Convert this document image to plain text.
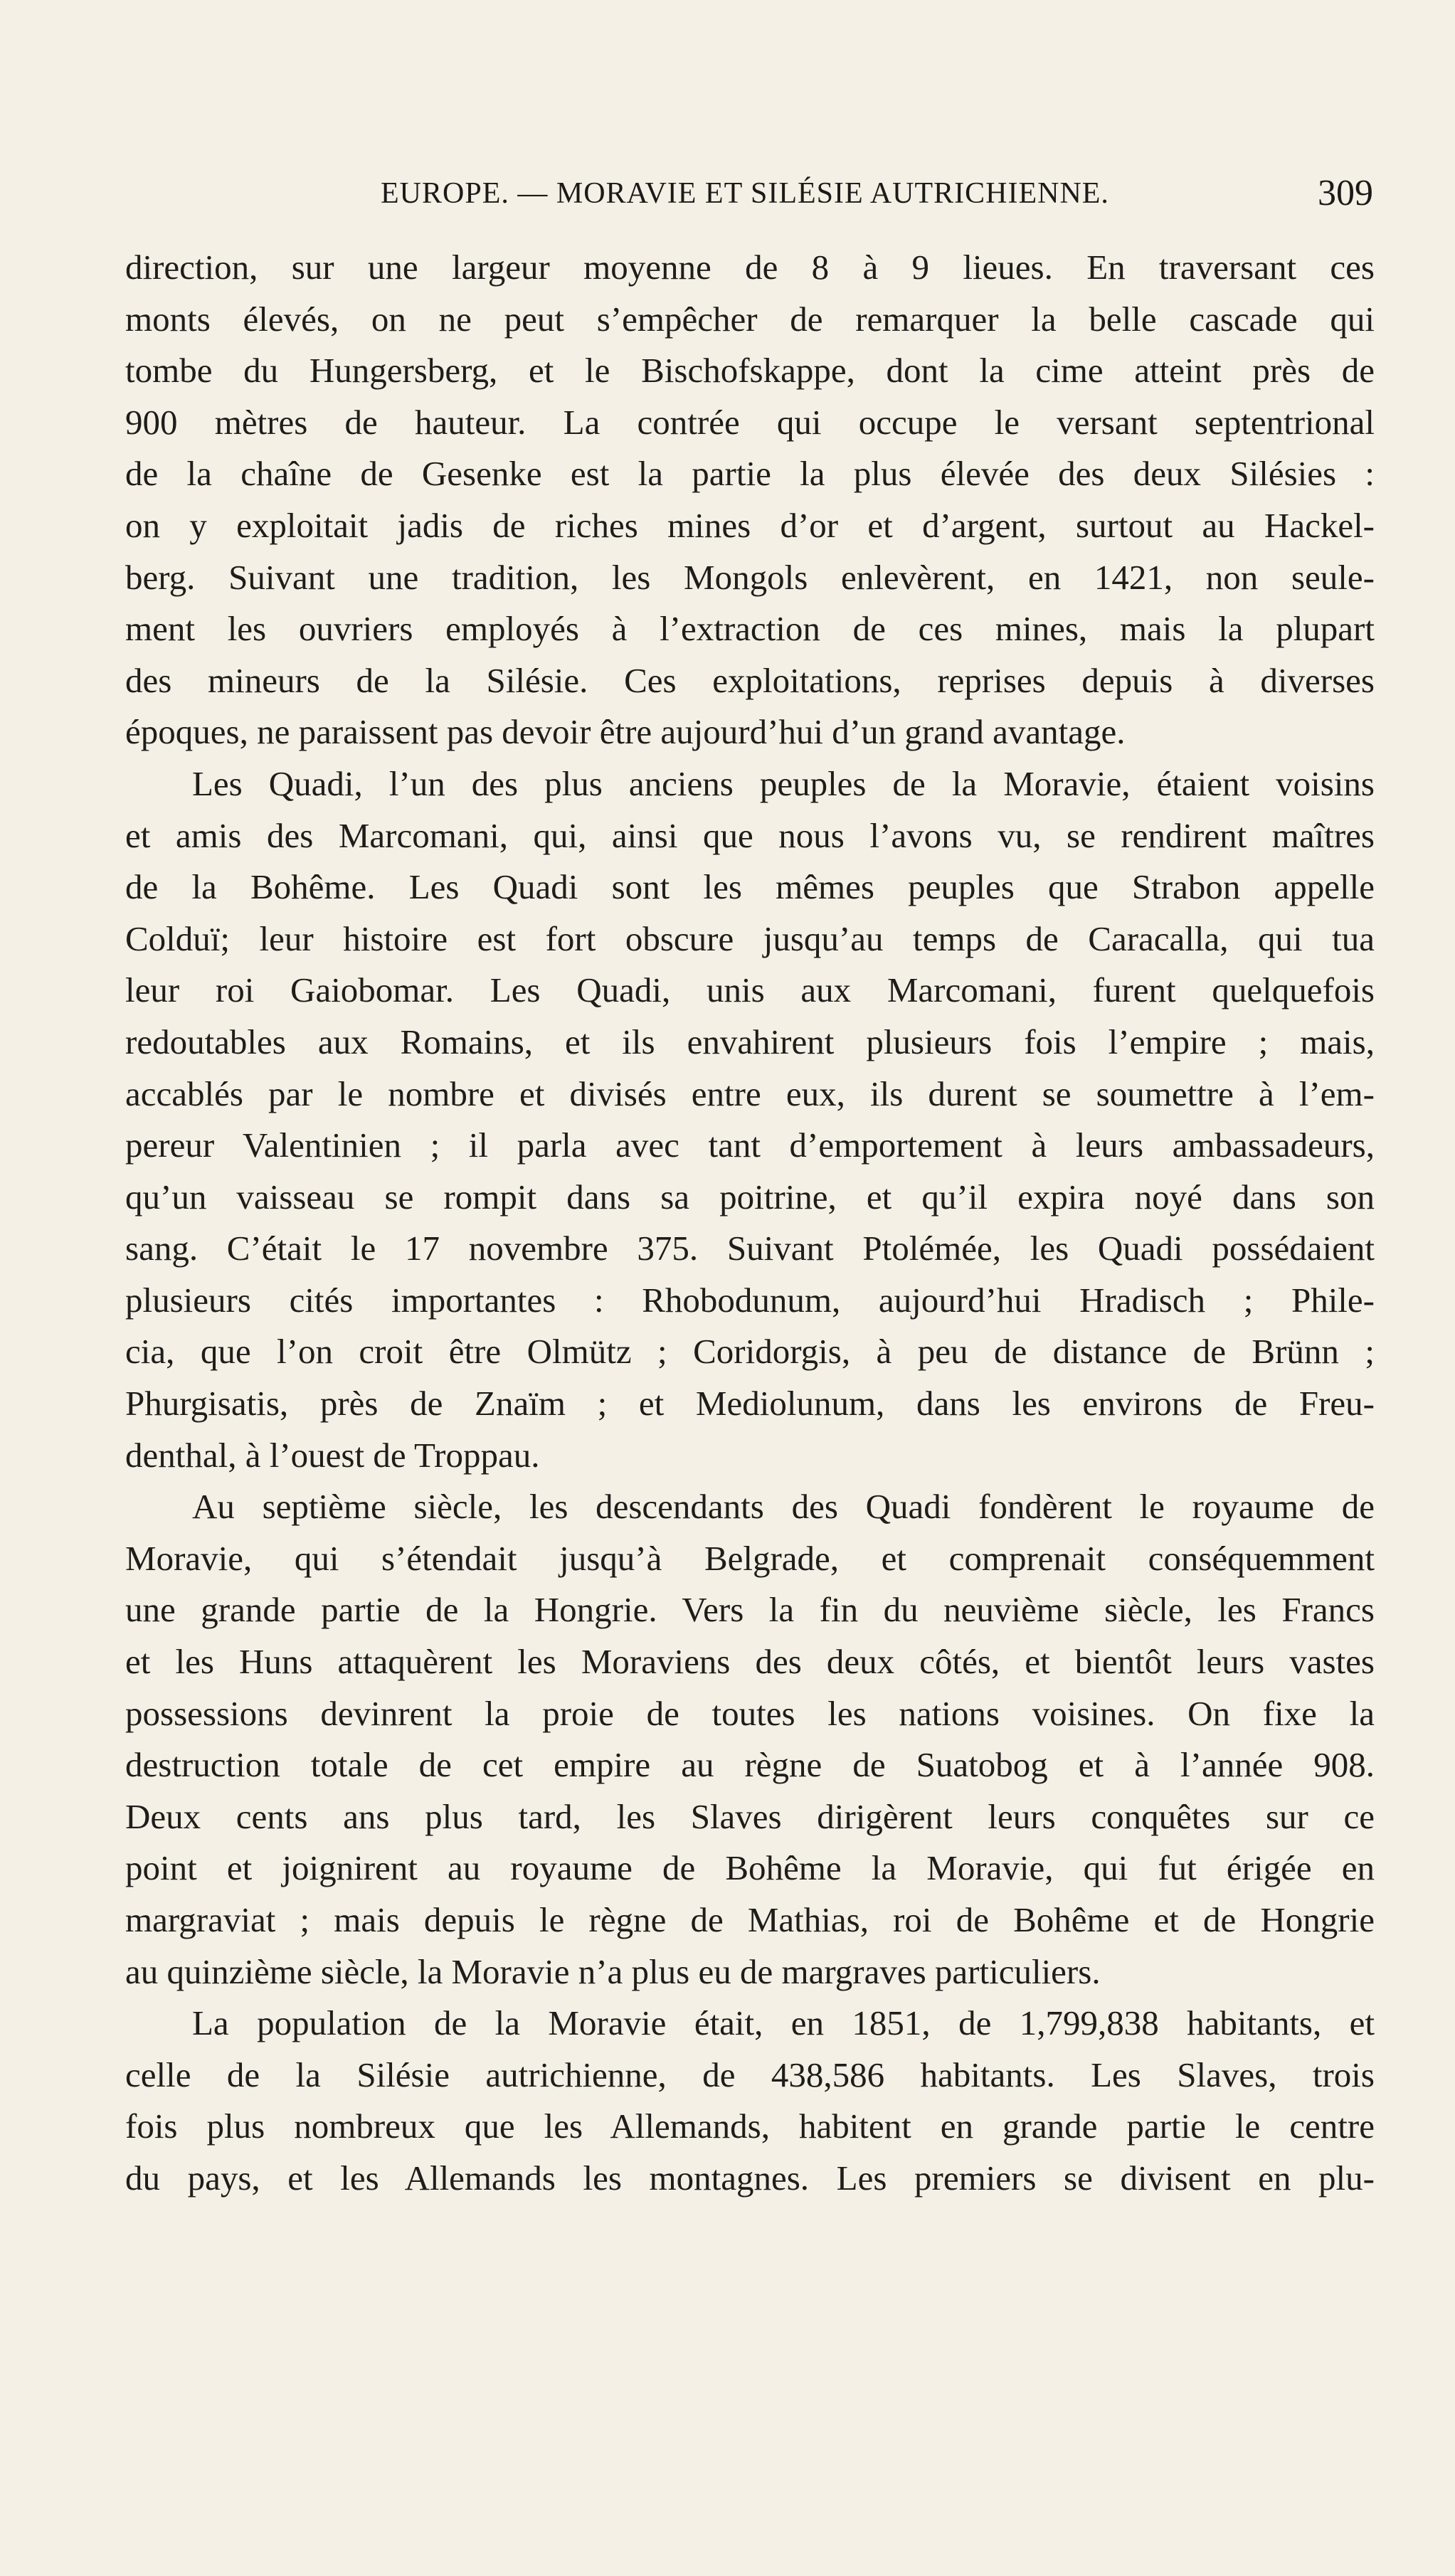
EUROPE. — MORAVIE ET SILÉSIE AUTRICHIENNE.	309
direction, sur une largeur moyenne de 8 à 9 lieues. En traversant ces
monts élevés, on ne peut s’empêcher de remarquer la belle cascade qui
tombe du Hungersberg, et le Bischofskappe, dont la cime atteint près de
900 mètres de hauteur. La contrée qui occupe le versant septentrional
de la chaîne de Gesenke est la partie la plus élevée des deux Silésies :
on y exploitait jadis de riches mines d’or et d’argent, surtout au Hackel-
berg. Suivant une tradition, les Mongols enlevèrent, en 1421, non seule-
ment les ouvriers employés à l’extraction de ces mines, mais la plupart
des mineurs de la Silésie. Ces exploitations, reprises depuis à diverses
époques, ne paraissent pas devoir être aujourd’hui d’un grand avantage.
Les Quadi, l’un des plus anciens peuples de la Moravie, étaient voisins
et amis des Marcomani, qui, ainsi que nous l’avons vu, se rendirent maîtres
de la Bohême. Les Quadi sont les mêmes peuples que Strabon appelle
Colduï; leur histoire est fort obscure jusqu’au temps de Caracalla, qui tua
leur roi Gaiobomar. Les Quadi, unis aux Marcomani, furent quelquefois
redoutables aux Romains, et ils envahirent plusieurs fois l’empire ; mais,
accablés par le nombre et divisés entre eux, ils durent se soumettre à l’em-
pereur Valentinien ; il parla avec tant d’emportement à leurs ambassadeurs,
qu’un vaisseau se rompit dans sa poitrine, et qu’il expira noyé dans son
sang. C’était le 17 novembre 375. Suivant Ptolémée, les Quadi possédaient
plusieurs cités importantes : Rhobodunum, aujourd’hui Hradisch ; Phile-
cia, que l’on croit être Olmütz ; Coridorgis, à peu de distance de Brünn ;
Phurgisatis, près de Znaïm ; et Mediolunum, dans les environs de Freu-
denthal, à l’ouest de Troppau.
Au septième siècle, les descendants des Quadi fondèrent le royaume de
Moravie, qui s’étendait jusqu’à Belgrade, et comprenait conséquemment
une grande partie de la Hongrie. Vers la fin du neuvième siècle, les Francs
et les Huns attaquèrent les Moraviens des deux côtés, et bientôt leurs vastes
possessions devinrent la proie de toutes les nations voisines. On fixe la
destruction totale de cet empire au règne de Suatobog et à l’année 908.
Deux cents ans plus tard, les Slaves dirigèrent leurs conquêtes sur ce
point et joignirent au royaume de Bohême la Moravie, qui fut érigée en
margraviat ; mais depuis le règne de Mathias, roi de Bohême et de Hongrie
au quinzième siècle, la Moravie n’a plus eu de margraves particuliers.
La population de la Moravie était, en 1851, de 1,799,838 habitants, et
celle de la Silésie autrichienne, de 438,586 habitants. Les Slaves, trois
fois plus nombreux que les Allemands, habitent en grande partie le centre
du pays, et les Allemands les montagnes. Les premiers se divisent en plu-
